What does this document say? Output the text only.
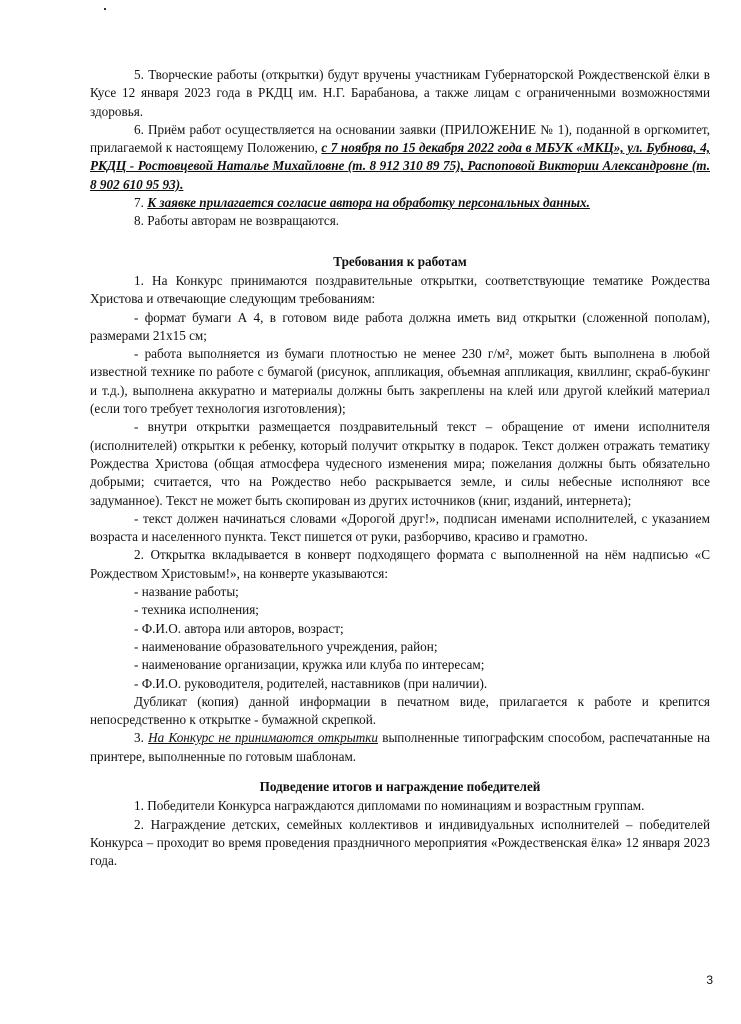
5. Творческие работы (открытки) будут вручены участникам Губернаторской Рождественской ёлки в Кусе 12 января 2023 года в РКДЦ им. Н.Г. Барабанова, а также лицам с ограниченными возможностями здоровья.

6. Приём работ осуществляется на основании заявки (ПРИЛОЖЕНИЕ № 1), поданной в оргкомитет, прилагаемой к настоящему Положению, с 7 ноября по 15 декабря 2022 года в МБУК «МКЦ», ул. Бубнова, 4, РКДЦ - Ростовцевой Натальe Михайловне (т. 8 912 310 89 75), Распоповой Виктории Александровне (т. 8 902 610 95 93).

7. К заявке прилагается согласие автора на обработку персональных данных.

8. Работы авторам не возвращаются.

Требования к работам

1. На Конкурс принимаются поздравительные открытки, соответствующие тематике Рождества Христова и отвечающие следующим требованиям:

- формат бумаги А 4, в готовом виде работа должна иметь вид открытки (сложенной пополам), размерами 21x15 см;

- работа выполняется из бумаги плотностью не менее 230 г/м², может быть выполнена в любой известной технике по работе с бумагой (рисунок, аппликация, объемная аппликация, квиллинг, скраб-букинг и т.д.), выполнена аккуратно и материалы должны быть закреплены на клей или другой клейкий материал (если того требует технология изготовления);

- внутри открытки размещается поздравительный текст – обращение от имени исполнителя (исполнителей) открытки к ребенку, который получит открытку в подарок. Текст должен отражать тематику Рождества Христова (общая атмосфера чудесного изменения мира; пожелания должны быть обязательно добрыми; считается, что на Рождество небо раскрывается земле, и силы небесные исполняют все задуманное). Текст не может быть скопирован из других источников (книг, изданий, интернета);

- текст должен начинаться словами «Дорогой друг!», подписан именами исполнителей, с указанием возраста и населенного пункта. Текст пишется от руки, разборчиво, красиво и грамотно.

2. Открытка вкладывается в конверт подходящего формата с выполненной на нём надписью «С Рождеством Христовым!», на конверте указываются:

- название работы;

- техника исполнения;

- Ф.И.О. автора или авторов, возраст;

- наименование образовательного учреждения, район;

- наименование организации, кружка или клуба по интересам;

- Ф.И.О. руководителя, родителей, наставников (при наличии).

Дубликат (копия) данной информации в печатном виде, прилагается к работе и крепится непосредственно к открытке - бумажной скрепкой.

3. На Конкурс не принимаются открытки выполненные типографским способом, распечатанные на принтере, выполненные по готовым шаблонам.

Подведение итогов и награждение победителей

1. Победители Конкурса награждаются дипломами по номинациям и возрастным группам.

2. Награждение детских, семейных коллективов и индивидуальных исполнителей – победителей Конкурса – проходит во время проведения праздничного мероприятия «Рождественская ёлка» 12 января 2023 года.

3
